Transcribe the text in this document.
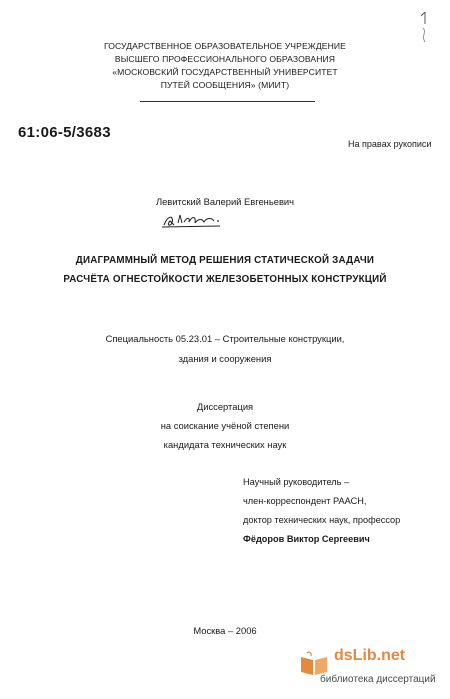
ГОСУДАРСТВЕННОЕ ОБРАЗОВАТЕЛЬНОЕ УЧРЕЖДЕНИЕ
ВЫСШЕГО ПРОФЕССИОНАЛЬНОГО ОБРАЗОВАНИЯ
«МОСКОВСКИЙ ГОСУДАРСТВЕННЫЙ УНИВЕРСИТЕТ
ПУТЕЙ СООБЩЕНИЯ» (МИИТ)
61:06-5/3683
На правах рукописи
Левитский Валерий Евгеньевич
ДИАГРАММНЫЙ МЕТОД РЕШЕНИЯ СТАТИЧЕСКОЙ ЗАДАЧИ
РАСЧЁТА ОГНЕСТОЙКОСТИ ЖЕЛЕЗОБЕТОННЫХ КОНСТРУКЦИЙ
Специальность 05.23.01 – Строительные конструкции,
здания и сооружения
Диссертация
на соискание учёной степени
кандидата технических наук
Научный руководитель –
член-корреспондент РААСН,
доктор технических наук, профессор
Фёдоров Виктор Сергеевич
Москва – 2006
dsLib.net
библиотека диссертаций
